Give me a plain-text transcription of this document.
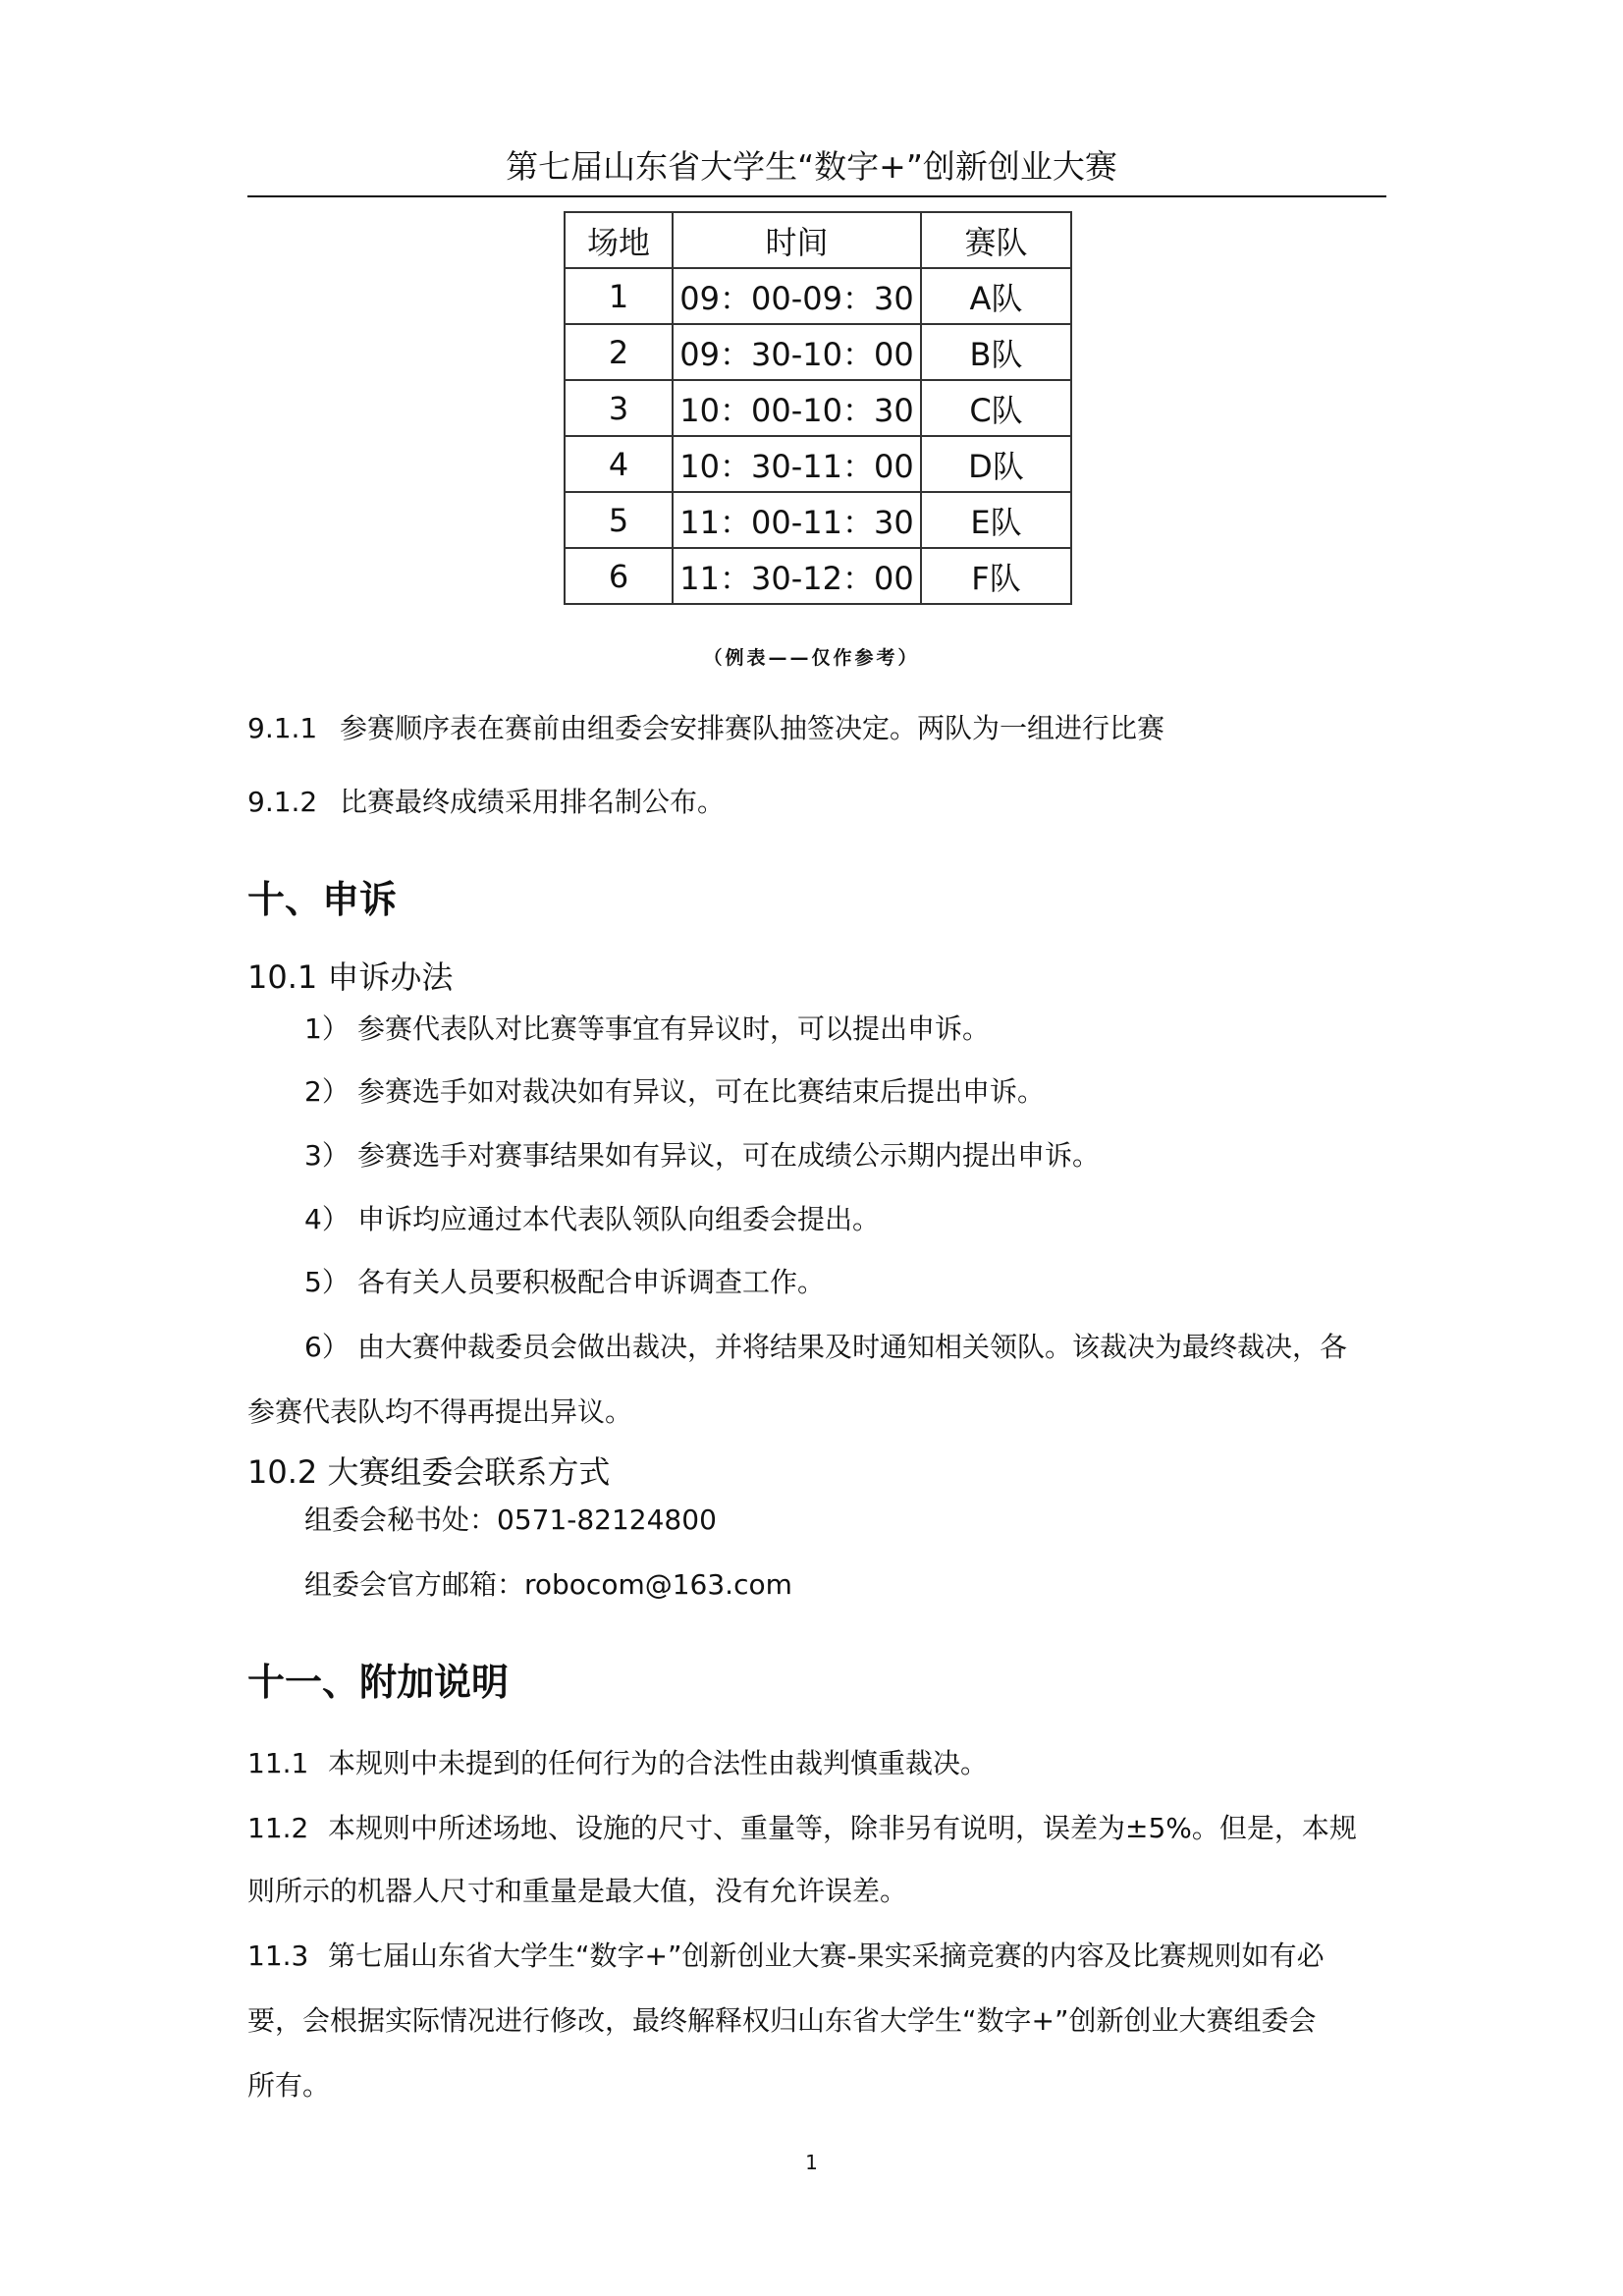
第七届山东省大学生“数字+”创新创业大赛
场地	时间	赛队
1	09：00-09：30	A队
2	09：30-10：00	B队
3	10：00-10：30	C队
4	10：30-11：00	D队
5	11：00-11：30	E队
6	11：30-12：00	F队
（例表——仅作参考）
9.1.1 参赛顺序表在赛前由组委会安排赛队抽签决定。两队为一组进行比赛
9.1.2 比赛最终成绩采用排名制公布。
十、申诉
10.1 申诉办法
1） 参赛代表队对比赛等事宜有异议时，可以提出申诉。
2） 参赛选手如对裁决如有异议，可在比赛结束后提出申诉。
3） 参赛选手对赛事结果如有异议，可在成绩公示期内提出申诉。
4） 申诉均应通过本代表队领队向组委会提出。
5） 各有关人员要积极配合申诉调查工作。
6） 由大赛仲裁委员会做出裁决，并将结果及时通知相关领队。该裁决为最终裁决，各
参赛代表队均不得再提出异议。
10.2 大赛组委会联系方式
组委会秘书处：0571-82124800
组委会官方邮箱：robocom@163.com
十一、附加说明
11.1 本规则中未提到的任何行为的合法性由裁判慎重裁决。
11.2 本规则中所述场地、设施的尺寸、重量等，除非另有说明，误差为±5%。但是，本规
则所示的机器人尺寸和重量是最大值，没有允许误差。
11.3 第七届山东省大学生“数字+”创新创业大赛-果实采摘竞赛的内容及比赛规则如有必
要，会根据实际情况进行修改，最终解释权归山东省大学生“数字+”创新创业大赛组委会
所有。
1
